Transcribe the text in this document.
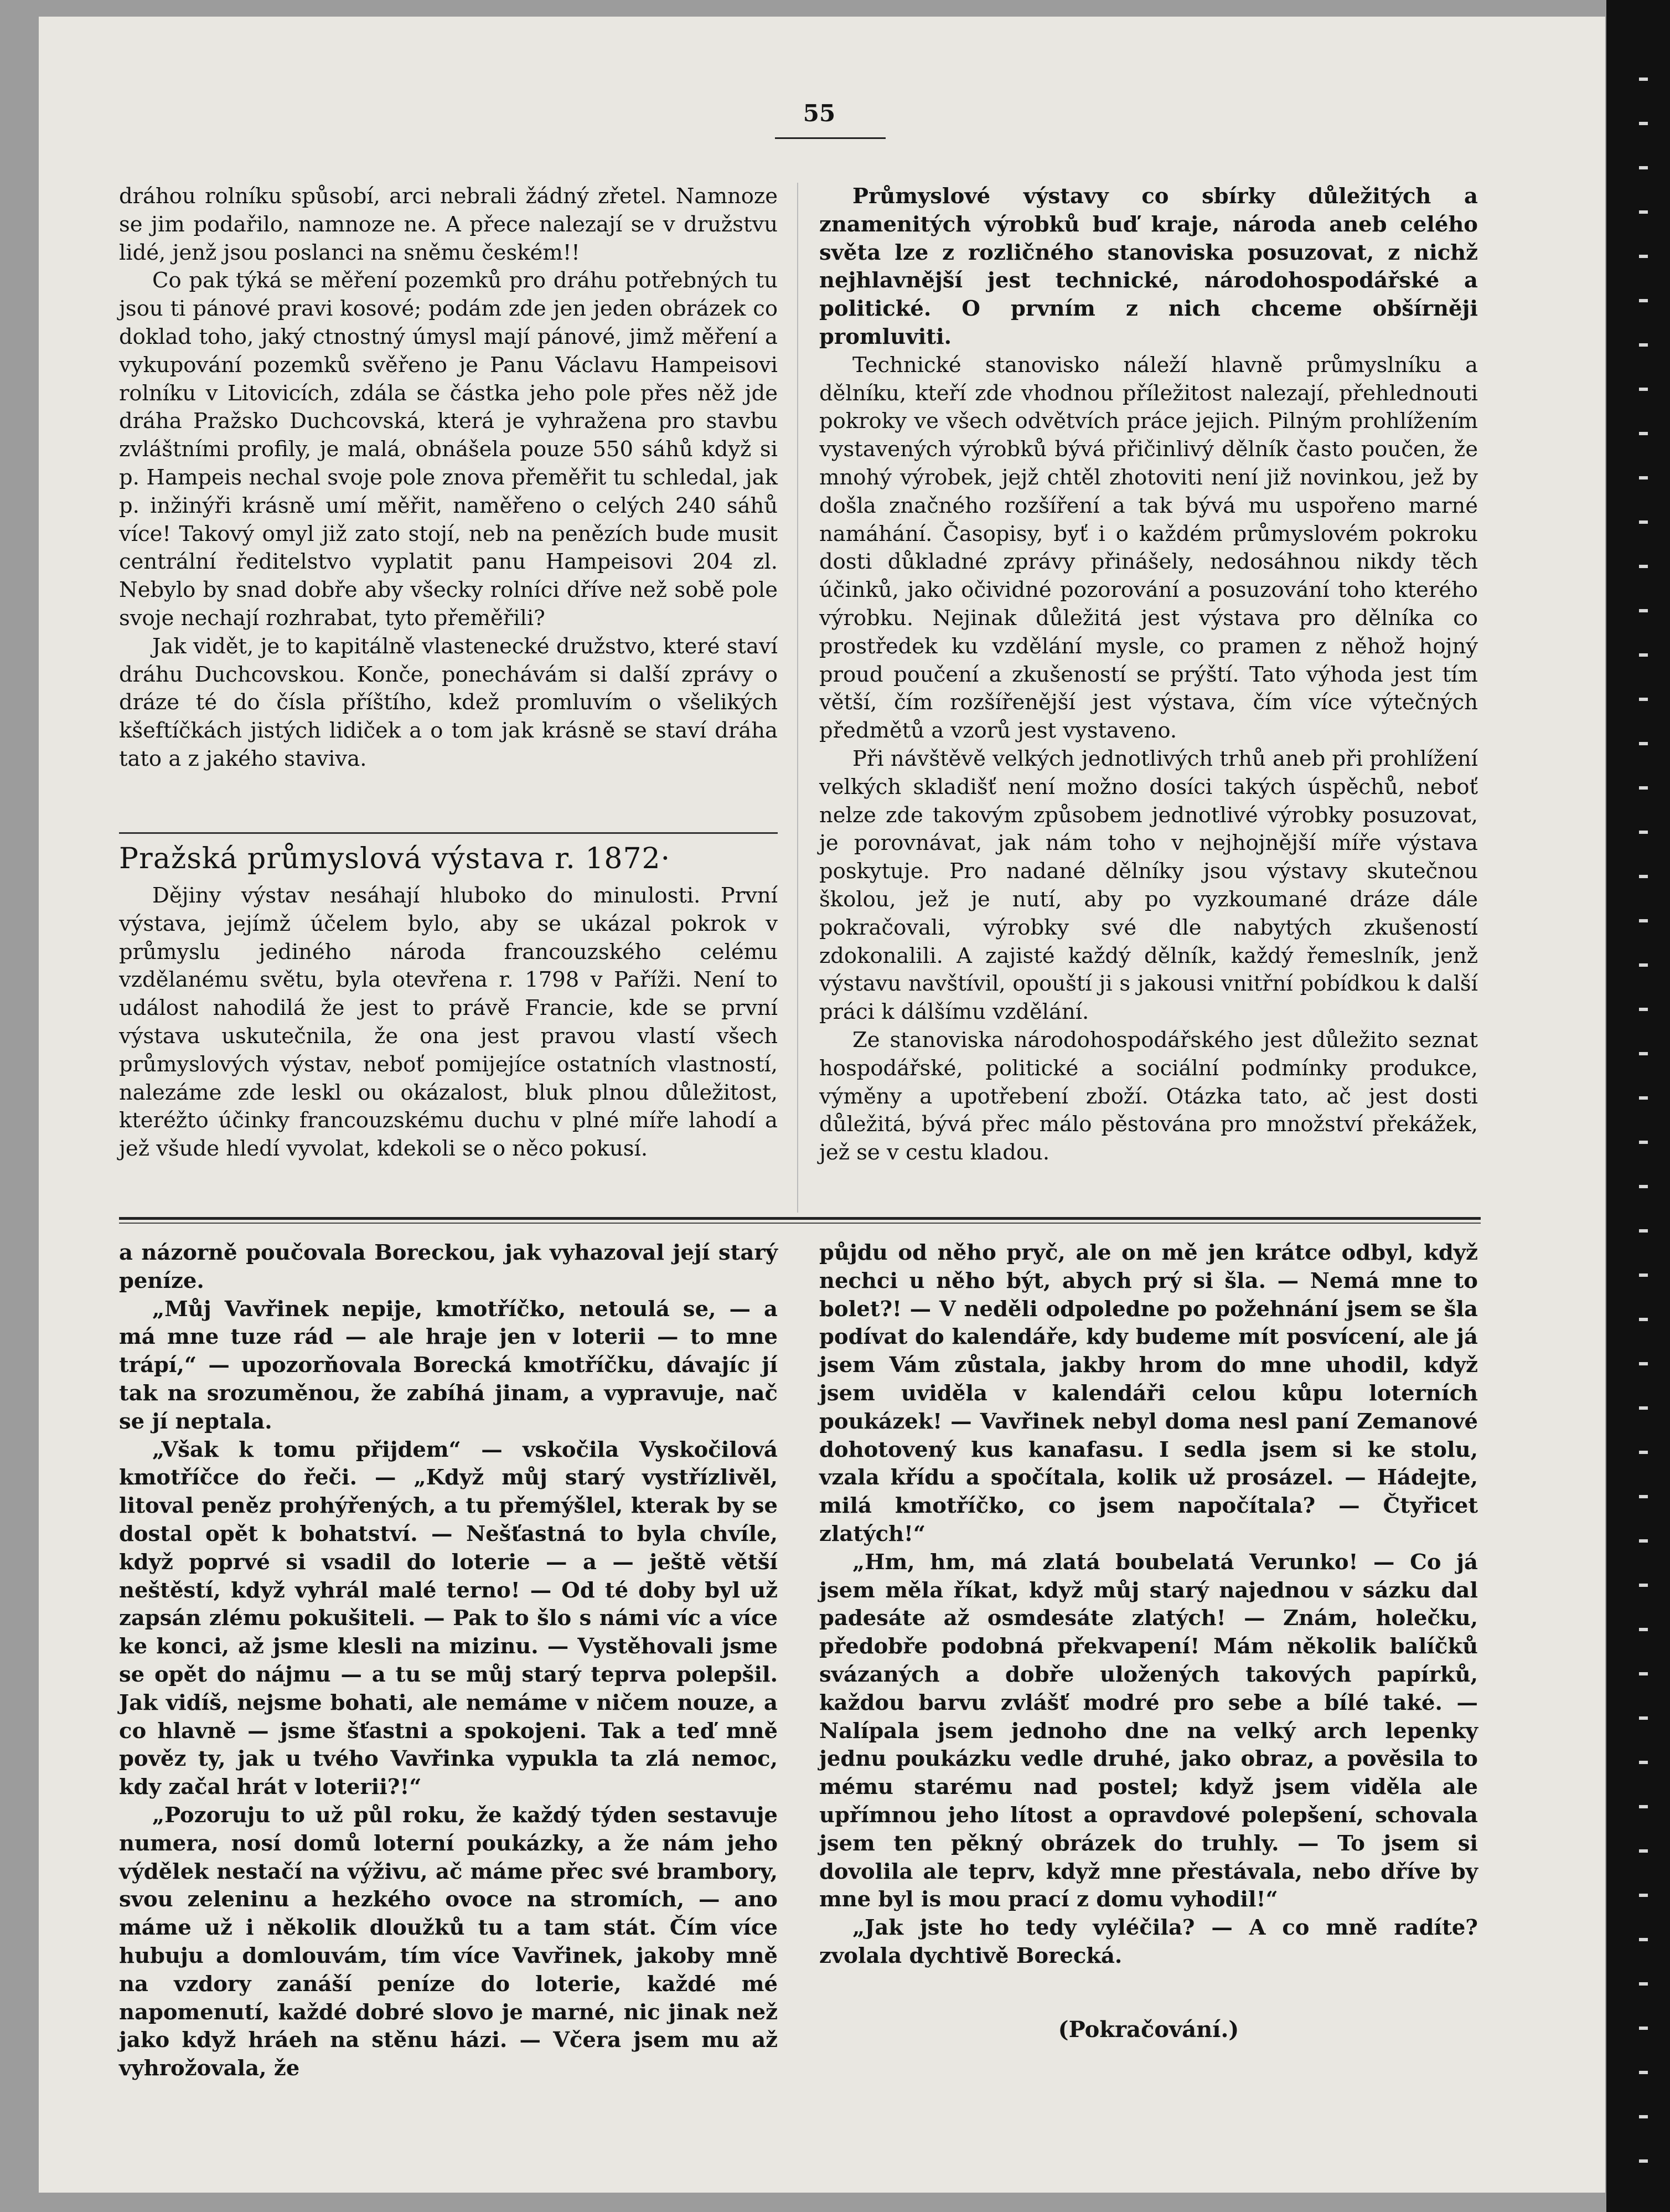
55

dráhou rolníku spůsobí, arci nebrali žádný zřetel. Namnoze se jim podařilo, namnoze ne. A přece nalezají se v družstvu lidé, jenž jsou poslanci na sněmu českém!!

Co pak týká se měření pozemků pro dráhu potřebných tu jsou ti pánové pravi kosové; podám zde jen jeden obrázek co doklad toho, jaký ctnostný úmysl mají pánové, jimž měření a vykupování pozemků svěřeno je Panu Václavu Hampeisovi rolníku v Litovicích, zdála se částka jeho pole přes něž jde dráha Pražsko Duchcovská, která je vyhražena pro stavbu zvláštními profily, je malá, obnášela pouze 550 sáhů když si p. Hampeis nechal svoje pole znova přeměřit tu schledal, jak p. inžinýři krásně umí měřit, naměřeno o celých 240 sáhů více! Takový omyl již zato stojí, neb na penězích bude musit centrální ředitelstvo vyplatit panu Hampeisovi 204 zl. Nebylo by snad dobře aby všecky rolníci dříve než sobě pole svoje nechají rozhrabat, tyto přeměřili?

Jak vidět, je to kapitálně vlastenecké družstvo, které staví dráhu Duchcovskou. Konče, ponechávám si další zprávy o dráze té do čísla příštího, kdež promluvím o všelikých kšeftíčkách jistých lidiček a o tom jak krásně se staví dráha tato a z jakého staviva.

Pražská průmyslová výstava r. 1872·

Dějiny výstav nesáhají hluboko do minulosti. První výstava, jejímž účelem bylo, aby se ukázal pokrok v průmyslu jediného národa francouzského celému vzdělanému světu, byla otevřena r. 1798 v Paříži. Není to událost nahodilá že jest to právě Francie, kde se první výstava uskutečnila, že ona jest pravou vlastí všech průmyslových výstav, neboť pomijejíce ostatních vlastností, nalezáme zde leskl ou okázalost, bluk plnou důležitost, kteréžto účinky francouzskému duchu v plné míře lahodí a jež všude hledí vyvolat, kdekoli se o něco pokusí.

Průmyslové výstavy co sbírky důležitých a znamenitých výrobků buď kraje, národa aneb celého světa lze z rozličného stanoviska posuzovat, z nichž nejhlavnější jest technické, národohospodářské a politické. O prvním z nich chceme obšírněji promluviti.

Technické stanovisko náleží hlavně průmyslníku a dělníku, kteří zde vhodnou příležitost nalezají, přehlednouti pokroky ve všech odvětvích práce jejich. Pilným prohlížením vystavených výrobků bývá přičinlivý dělník často poučen, že mnohý výrobek, jejž chtěl zhotoviti není již novinkou, jež by došla značného rozšíření a tak bývá mu uspořeno marné namáhání. Časopisy, byť i o každém průmyslovém pokroku dosti důkladné zprávy přinášely, nedosáhnou nikdy těch účinků, jako očividné pozorování a posuzování toho kterého výrobku. Nejinak důležitá jest výstava pro dělníka co prostředek ku vzdělání mysle, co pramen z něhož hojný proud poučení a zkušeností se prýští. Tato výhoda jest tím větší, čím rozšířenější jest výstava, čím více výtečných předmětů a vzorů jest vystaveno.

Při návštěvě velkých jednotlivých trhů aneb při prohlížení velkých skladišť není možno dosíci takých úspěchů, neboť nelze zde takovým způsobem jednotlivé výrobky posuzovat, je porovnávat, jak nám toho v nejhojnější míře výstava poskytuje. Pro nadané dělníky jsou výstavy skutečnou školou, jež je nutí, aby po vyzkoumané dráze dále pokračovali, výrobky své dle nabytých zkušeností zdokonalili. A zajisté každý dělník, každý řemeslník, jenž výstavu navštívil, opouští ji s jakousi vnitřní pobídkou k další práci k dálšímu vzdělání.

Ze stanoviska národohospodářského jest důležito seznat hospodářské, politické a sociální podmínky produkce, výměny a upotřebení zboží. Otázka tato, ač jest dosti důležitá, bývá přec málo pěstována pro množství překážek, jež se v cestu kladou.

a názorně poučovala Boreckou, jak vyhazoval její starý peníze.

„Můj Vavřinek nepije, kmotříčko, netoulá se, — a má mne tuze rád — ale hraje jen v loterii — to mne trápí,“ — upozorňovala Borecká kmotříčku, dávajíc jí tak na srozuměnou, že zabíhá jinam, a vypravuje, nač se jí neptala.

„Však k tomu přijdem“ — vskočila Vyskočilová kmotříčce do řeči. — „Když můj starý vystřízlivěl, litoval peněz prohýřených, a tu přemýšlel, kterak by se dostal opět k bohatství. — Nešťastná to byla chvíle, když poprvé si vsadil do loterie — a — ještě větší neštěstí, když vyhrál malé terno! — Od té doby byl už zapsán zlému pokušiteli. — Pak to šlo s námi víc a více ke konci, až jsme klesli na mizinu. — Vystěhovali jsme se opět do nájmu — a tu se můj starý teprva polepšil. Jak vidíš, nejsme bohati, ale nemáme v ničem nouze, a co hlavně — jsme šťastni a spokojeni. Tak a teď mně pověz ty, jak u tvého Vavřinka vypukla ta zlá nemoc, kdy začal hrát v loterii?!“

„Pozoruju to už půl roku, že každý týden sestavuje numera, nosí domů loterní poukázky, a že nám jeho výdělek nestačí na výživu, ač máme přec své brambory, svou zeleninu a hezkého ovoce na stromích, — ano máme už i několik dloužků tu a tam stát. Čím více hubuju a domlouvám, tím více Vavřinek, jakoby mně na vzdory zanáší peníze do loterie, každé mé napomenutí, každé dobré slovo je marné, nic jinak než jako když hráeh na stěnu házi. — Včera jsem mu až vyhrožovala, že

půjdu od něho pryč, ale on mě jen krátce odbyl, když nechci u něho být, abych prý si šla. — Nemá mne to bolet?! — V neděli odpoledne po požehnání jsem se šla podívat do kalendáře, kdy budeme mít posvícení, ale já jsem Vám zůstala, jakby hrom do mne uhodil, když jsem uviděla v kalendáři celou kůpu loterních poukázek! — Vavřinek nebyl doma nesl paní Zemanové dohotovený kus kanafasu. I sedla jsem si ke stolu, vzala křídu a spočítala, kolik už prosázel. — Hádejte, milá kmotříčko, co jsem napočítala? — Čtyřicet zlatých!“

„Hm, hm, má zlatá boubelatá Verunko! — Co já jsem měla říkat, když můj starý najednou v sázku dal padesáte až osmdesáte zlatých! — Znám, holečku, předobře podobná překvapení! Mám několik balíčků svázaných a dobře uložených takových papírků, každou barvu zvlášť modré pro sebe a bílé také. — Nalípala jsem jednoho dne na velký arch lepenky jednu poukázku vedle druhé, jako obraz, a pověsila to mému starému nad postel; když jsem viděla ale upřímnou jeho lítost a opravdové polepšení, schovala jsem ten pěkný obrázek do truhly. — To jsem si dovolila ale teprv, když mne přestávala, nebo dříve by mne byl is mou prací z domu vyhodil!“

„Jak jste ho tedy vyléčila? — A co mně radíte? zvolala dychtivě Borecká.

(Pokračování.)
